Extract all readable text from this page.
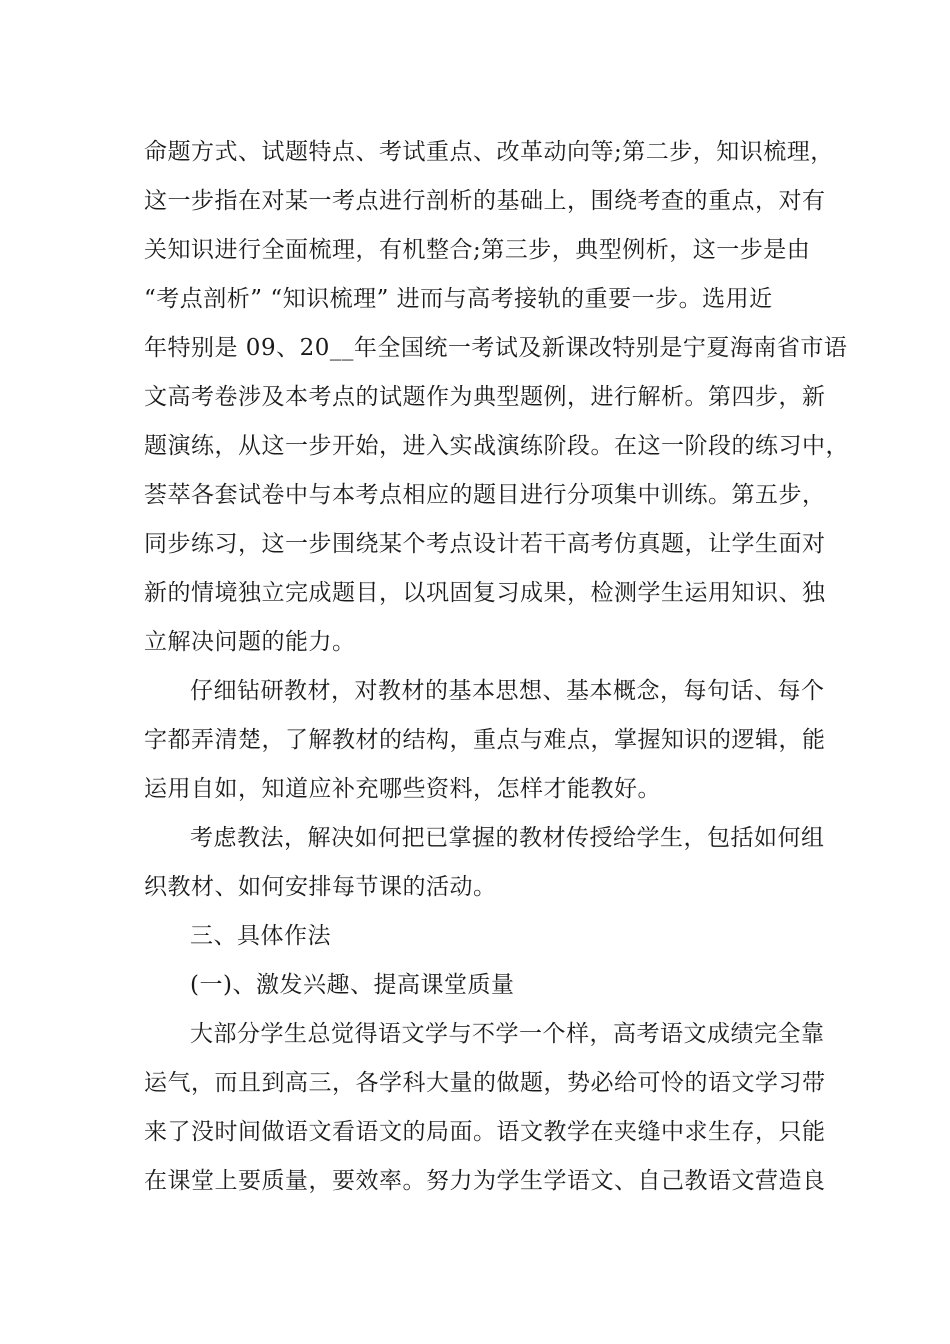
命题方式、试题特点、考试重点、改革动向等;第二步，知识梳理，
这一步指在对某一考点进行剖析的基础上，围绕考查的重点，对有
关知识进行全面梳理，有机整合;第三步，典型例析，这一步是由
“考点剖析” “知识梳理” 进而与高考接轨的重要一步。选用近
年特别是 09、20__年全国统一考试及新课改特别是宁夏海南省市语
文高考卷涉及本考点的试题作为典型题例，进行解析。第四步，新
题演练，从这一步开始，进入实战演练阶段。在这一阶段的练习中，
荟萃各套试卷中与本考点相应的题目进行分项集中训练。第五步，
同步练习，这一步围绕某个考点设计若干高考仿真题，让学生面对
新的情境独立完成题目，以巩固复习成果，检测学生运用知识、独
立解决问题的能力。
仔细钻研教材，对教材的基本思想、基本概念，每句话、每个
字都弄清楚，了解教材的结构，重点与难点，掌握知识的逻辑，能
运用自如，知道应补充哪些资料，怎样才能教好。
考虑教法，解决如何把已掌握的教材传授给学生，包括如何组
织教材、如何安排每节课的活动。
三、具体作法
(一)、激发兴趣、提高课堂质量
大部分学生总觉得语文学与不学一个样，高考语文成绩完全靠
运气，而且到高三，各学科大量的做题，势必给可怜的语文学习带
来了没时间做语文看语文的局面。语文教学在夹缝中求生存，只能
在课堂上要质量，要效率。努力为学生学语文、自己教语文营造良
